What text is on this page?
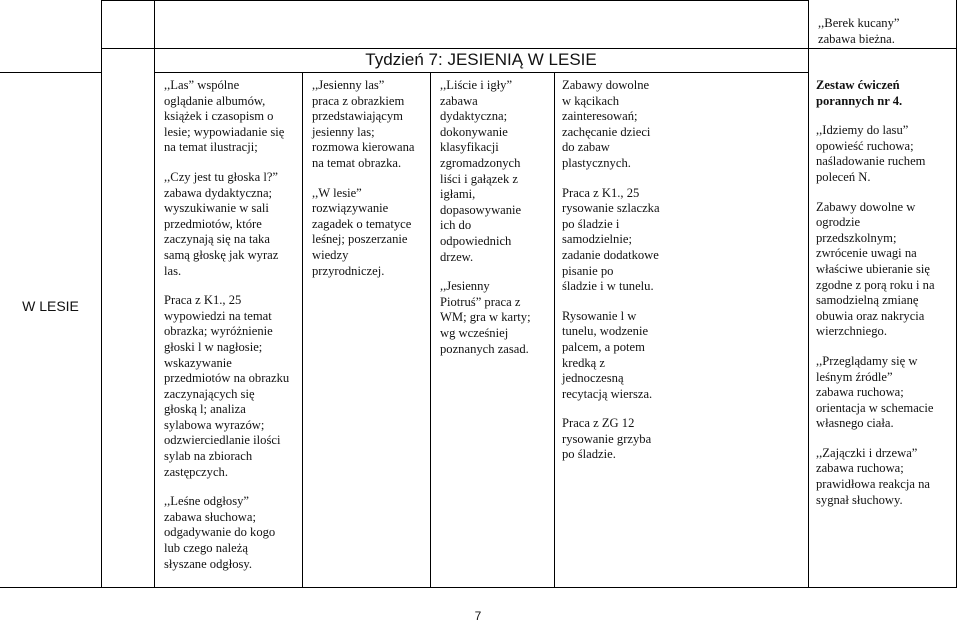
W LESIE
Tydzień 7: JESIENIĄ W LESIE

,,Las” wspólne
oglądanie albumów,
książek i czasopism o
lesie; wypowiadanie się
na temat ilustracji;

,,Czy jest tu głoska l?”
zabawa dydaktyczna;
wyszukiwanie w sali
przedmiotów, które
zaczynają się na taka
samą głoskę jak wyraz
las.

Praca z K1., 25
wypowiedzi na temat
obrazka; wyróżnienie
głoski l w nagłosie;
wskazywanie
przedmiotów na obrazku
zaczynających się
głoską l; analiza
sylabowa wyrazów;
odzwierciedlanie ilości
sylab na zbiorach
zastępczych.

,,Leśne odgłosy”
zabawa słuchowa;
odgadywanie do kogo
lub czego należą
słyszane odgłosy.

,,Jesienny las”
praca z obrazkiem
przedstawiającym
jesienny las;
rozmowa kierowana
na temat obrazka.

,,W lesie”
rozwiązywanie
zagadek o tematyce
leśnej; poszerzanie
wiedzy
przyrodniczej.

,,Liście i igły”
zabawa
dydaktyczna;
dokonywanie
klasyfikacji
zgromadzonych
liści i gałązek z
igłami,
dopasowywanie
ich do
odpowiednich
drzew.

,,Jesienny
Piotruś” praca z
WM; gra w karty;
wg wcześniej
poznanych zasad.

Zabawy dowolne
w kącikach
zainteresowań;
zachęcanie dzieci
do zabaw
plastycznych.

Praca z K1., 25
rysowanie szlaczka
po śladzie i
samodzielnie;
zadanie dodatkowe
pisanie po
śladzie i w tunelu.

Rysowanie l w
tunelu, wodzenie
palcem, a potem
kredką z
jednoczesną
recytacją wiersza.

Praca z ZG 12
rysowanie grzyba
po śladzie.

,,Berek kucany”
zabawa bieżna.

Zestaw ćwiczeń
porannych nr 4.

,,Idziemy do lasu”
opowieść ruchowa;
naśladowanie ruchem
poleceń N.

Zabawy dowolne w
ogrodzie
przedszkolnym;
zwrócenie uwagi na
właściwe ubieranie się
zgodne z porą roku i na
samodzielną zmianę
obuwia oraz nakrycia
wierzchniego.

,,Przeglądamy się w
leśnym źródle”
zabawa ruchowa;
orientacja w schemacie
własnego ciała.

,,Zajączki i drzewa”
zabawa ruchowa;
prawidłowa reakcja na
sygnał słuchowy.

7
